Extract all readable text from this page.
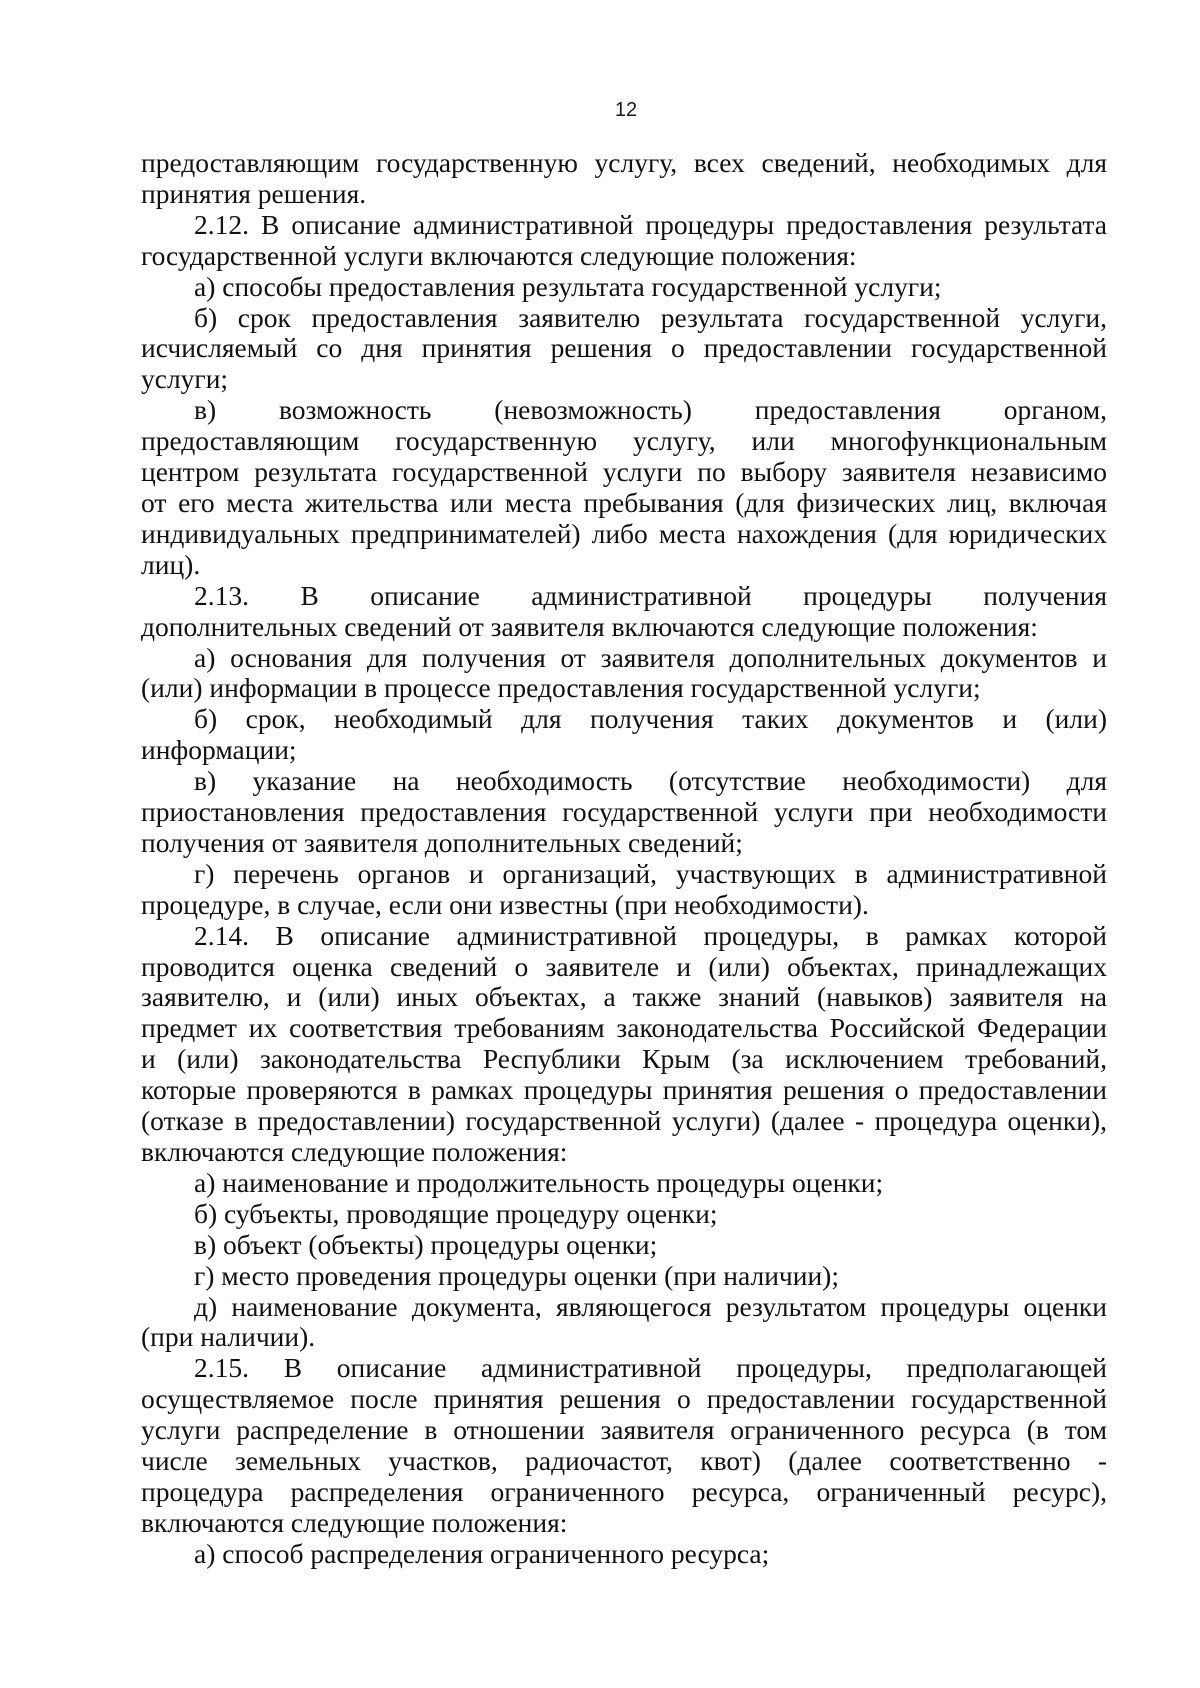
12

предоставляющим государственную услугу, всех сведений, необходимых для

принятия решения.

2.12. В описание административной процедуры предоставления результата

государственной услуги включаются следующие положения:

а) способы предоставления результата государственной услуги;

б) срок предоставления заявителю результата государственной услуги,

исчисляемый со дня принятия решения о предоставлении государственной

услуги;

в) возможность (невозможность) предоставления органом,

предоставляющим государственную услугу, или многофункциональным

центром результата государственной услуги по выбору заявителя независимо

от его места жительства или места пребывания (для физических лиц, включая

индивидуальных предпринимателей) либо места нахождения (для юридических

лиц).

2.13. В описание административной процедуры получения

дополнительных сведений от заявителя включаются следующие положения:

а) основания для получения от заявителя дополнительных документов и

(или) информации в процессе предоставления государственной услуги;

б) срок, необходимый для получения таких документов и (или)

информации;

в) указание на необходимость (отсутствие необходимости) для

приостановления предоставления государственной услуги при необходимости

получения от заявителя дополнительных сведений;

г) перечень органов и организаций, участвующих в административной

процедуре, в случае, если они известны (при необходимости).

2.14. В описание административной процедуры, в рамках которой

проводится оценка сведений о заявителе и (или) объектах, принадлежащих

заявителю, и (или) иных объектах, а также знаний (навыков) заявителя на

предмет их соответствия требованиям законодательства Российской Федерации

и (или) законодательства Республики Крым (за исключением требований,

которые проверяются в рамках процедуры принятия решения о предоставлении

(отказе в предоставлении) государственной услуги) (далее - процедура оценки),

включаются следующие положения:

а) наименование и продолжительность процедуры оценки;

б) субъекты, проводящие процедуру оценки;

в) объект (объекты) процедуры оценки;

г) место проведения процедуры оценки (при наличии);

д) наименование документа, являющегося результатом процедуры оценки

(при наличии).

2.15. В описание административной процедуры, предполагающей

осуществляемое после принятия решения о предоставлении государственной

услуги распределение в отношении заявителя ограниченного ресурса (в том

числе земельных участков, радиочастот, квот) (далее соответственно -

процедура распределения ограниченного ресурса, ограниченный ресурс),

включаются следующие положения:

а) способ распределения ограниченного ресурса;
